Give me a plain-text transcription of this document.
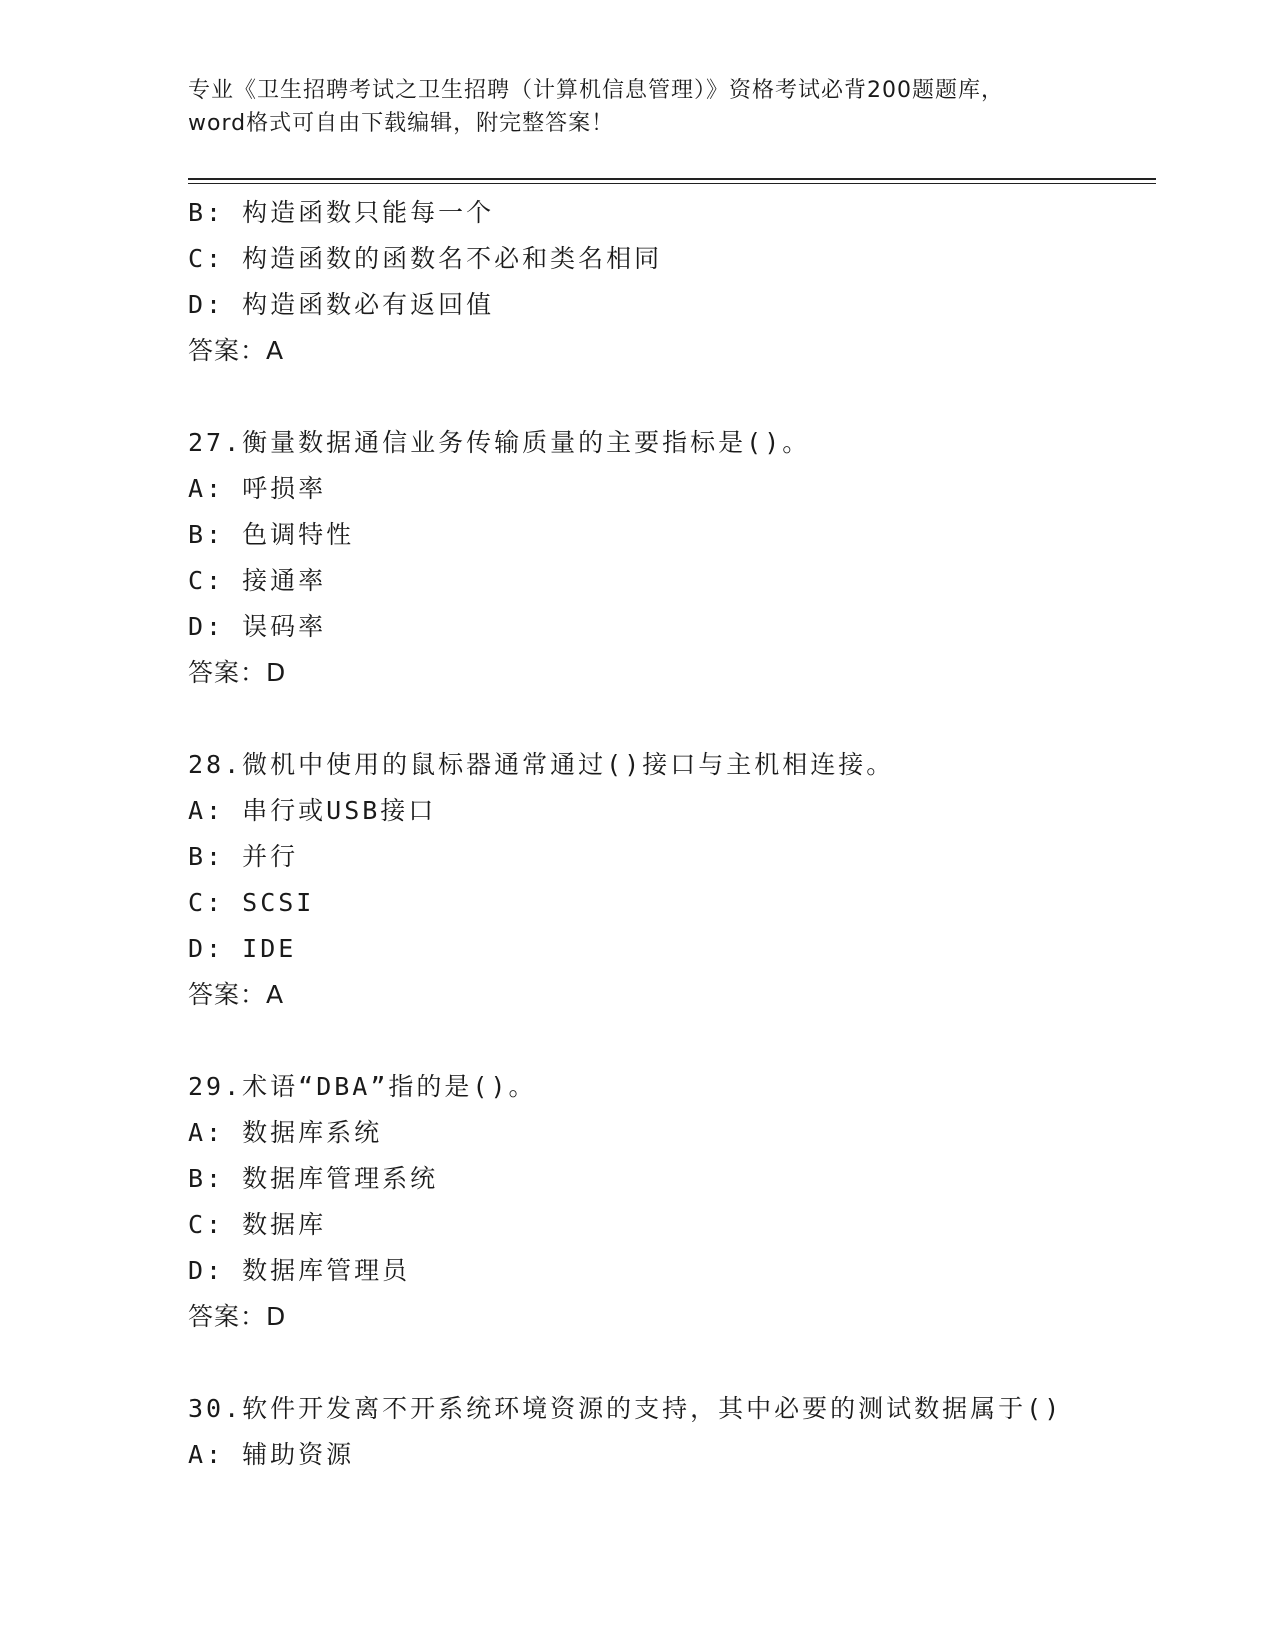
专业《卫生招聘考试之卫生招聘（计算机信息管理）》资格考试必背200题题库，
word格式可自由下载编辑，附完整答案！
B: 构造函数只能每一个
C: 构造函数的函数名不必和类名相同
D: 构造函数必有返回值
答案：A
27.衡量数据通信业务传输质量的主要指标是()。
A: 呼损率
B: 色调特性
C: 接通率
D: 误码率
答案：D
28.微机中使用的鼠标器通常通过()接口与主机相连接。
A: 串行或USB接口
B: 并行
C: SCSI
D: IDE
答案：A
29.术语“DBA”指的是()。
A: 数据库系统
B: 数据库管理系统
C: 数据库
D: 数据库管理员
答案：D
30.软件开发离不开系统环境资源的支持，其中必要的测试数据属于()
A: 辅助资源
